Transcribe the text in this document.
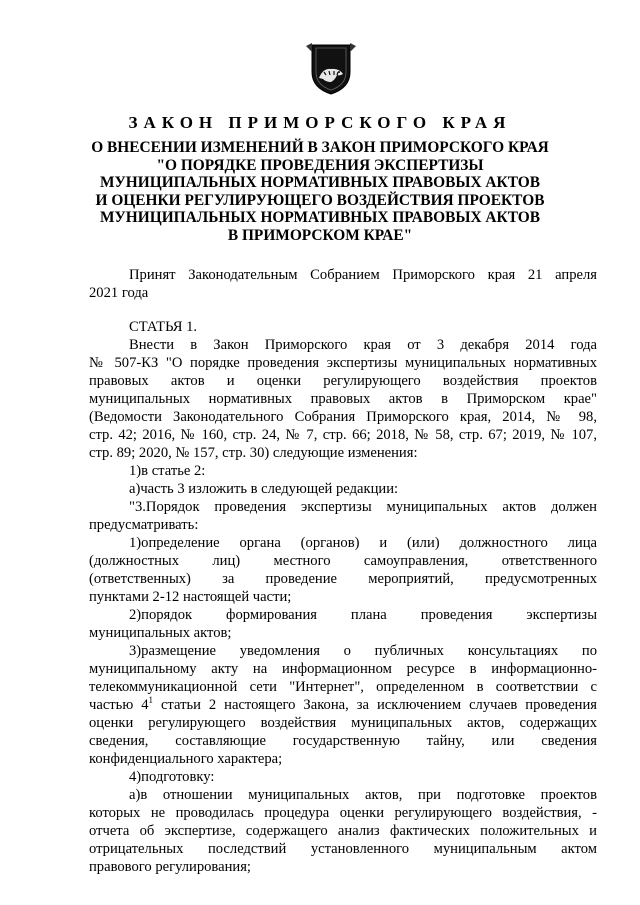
ЗАКОН ПРИМОРСКОГО КРАЯ
О ВНЕСЕНИИ ИЗМЕНЕНИЙ В ЗАКОН ПРИМОРСКОГО КРАЯ
"О ПОРЯДКЕ ПРОВЕДЕНИЯ ЭКСПЕРТИЗЫ
МУНИЦИПАЛЬНЫХ НОРМАТИВНЫХ ПРАВОВЫХ АКТОВ
И ОЦЕНКИ РЕГУЛИРУЮЩЕГО ВОЗДЕЙСТВИЯ ПРОЕКТОВ
МУНИЦИПАЛЬНЫХ НОРМАТИВНЫХ ПРАВОВЫХ АКТОВ
В ПРИМОРСКОМ КРАЕ"
Принят Законодательным Собранием Приморского края 21 апреля
2021 года
СТАТЬЯ 1.
Внести в Закон Приморского края от 3 декабря 2014 года
№ 507-КЗ "О порядке проведения экспертизы муниципальных нормативных
правовых актов и оценки регулирующего воздействия проектов
муниципальных нормативных правовых актов в Приморском крае"
(Ведомости Законодательного Собрания Приморского края, 2014, № 98,
стр. 42; 2016, № 160, стр. 24, № 7, стр. 66; 2018, № 58, стр. 67; 2019, № 107,
стр. 89; 2020, № 157, стр. 30) следующие изменения:
1)в статье 2:
а)часть 3 изложить в следующей редакции:
"3.Порядок проведения экспертизы муниципальных актов должен
предусматривать:
1)определение органа (органов) и (или) должностного лица
(должностных лиц) местного самоуправления, ответственного
(ответственных) за проведение мероприятий, предусмотренных
пунктами 2-12 настоящей части;
2)порядок формирования плана проведения экспертизы
муниципальных актов;
3)размещение уведомления о публичных консультациях по
муниципальному акту на информационном ресурсе в информационно-
телекоммуникационной сети "Интернет", определенном в соответствии с
частью $4^1$ статьи 2 настоящего Закона, за исключением случаев проведения
оценки регулирующего воздействия муниципальных актов, содержащих
сведения, составляющие государственную тайну, или сведения
конфиденциального характера;
4)подготовку:
а)в отношении муниципальных актов, при подготовке проектов
которых не проводилась процедура оценки регулирующего воздействия, -
отчета об экспертизе, содержащего анализ фактических положительных и
отрицательных последствий установленного муниципальным актом
правового регулирования;
